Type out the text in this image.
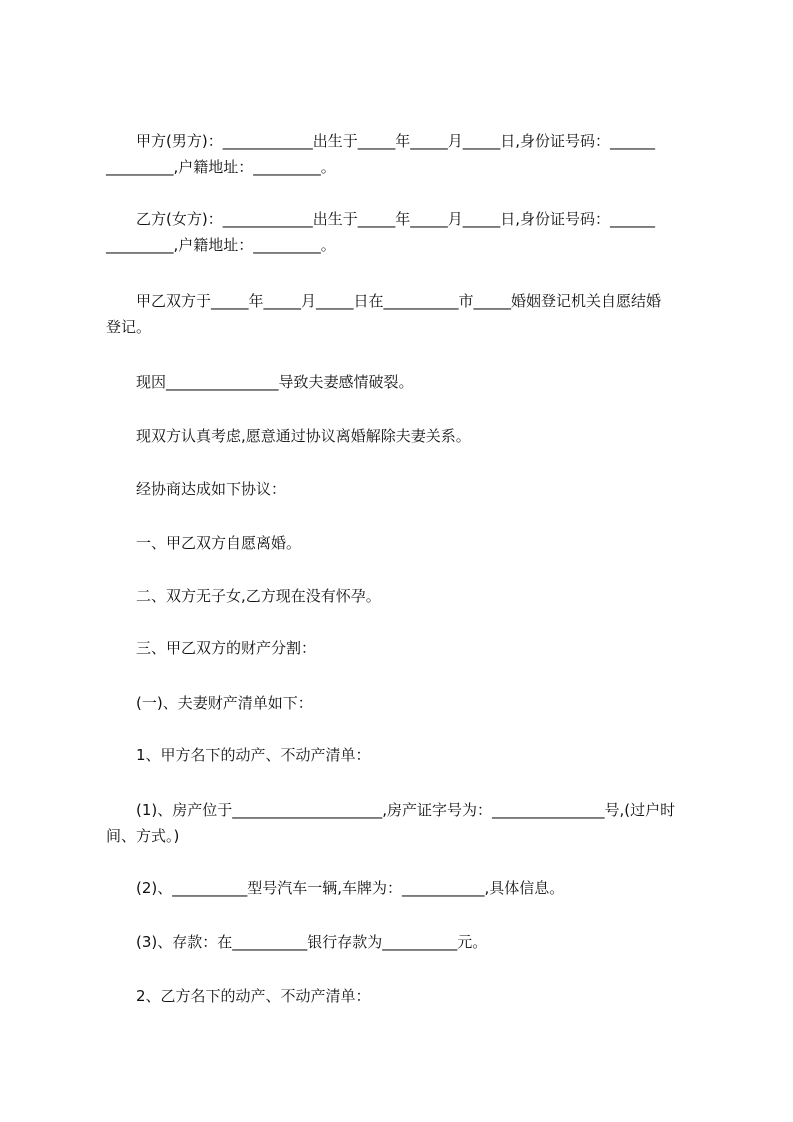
甲方(男方)：____________出生于_____年_____月_____日,身份证号码：______
_________,户籍地址：_________。

乙方(女方)：____________出生于_____年_____月_____日,身份证号码：______
_________,户籍地址：_________。

甲乙双方于_____年_____月_____日在__________市_____婚姻登记机关自愿结婚
登记。

现因_______________导致夫妻感情破裂。

现双方认真考虑,愿意通过协议离婚解除夫妻关系。

经协商达成如下协议：

一、甲乙双方自愿离婚。

二、双方无子女,乙方现在没有怀孕。

三、甲乙双方的财产分割：

(一)、夫妻财产清单如下：

1、甲方名下的动产、不动产清单：

(1)、房产位于____________________,房产证字号为：_______________号,(过户时
间、方式。)

(2)、__________型号汽车一辆,车牌为：___________,具体信息。

(3)、存款：在__________银行存款为__________元。

2、乙方名下的动产、不动产清单：
